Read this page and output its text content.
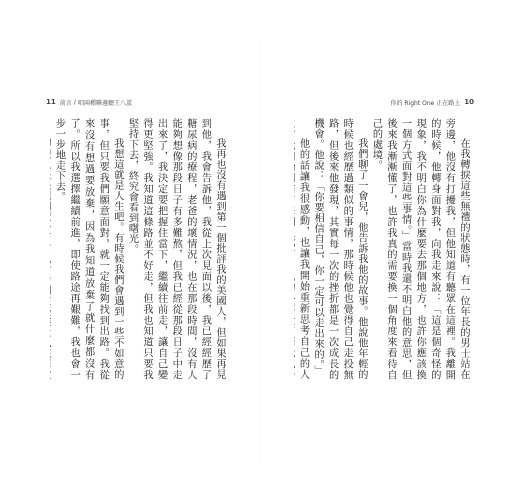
11 前言 / 唱兩種聯邊聽王八蛋

我再也沒有遇到第一個批評我的美國人，但如果再見到他，我會告訴他，我從上次見面以後，我已經經歷了糖尿病的療程，老爸的壞情況，也在那段時間，沒有人能夠想像那段日子有多難熬，但我已經從那段日子中走出來了，我決定要把握住當下，繼續往前走，讓自己變得更堅強。我知道這條路並不好走，但我也知道只要我堅持下去，終究會看到曙光。

我想這就是人生吧。有時候我們會遇到一些不如意的事，但只要我們願意面對，就一定能夠找到出路。我從來沒有想過要放棄，因為我知道放棄了就什麼都沒有了。所以我選擇繼續前進，即使路途再艱難，我也會一步一步地走下去。

你的 Right One 正在路上 10

在我轉捩這些無禮的狀態時，有一位年長的男士站在旁邊，他沒有打擾我，但他知道有聽眾在這裡。我離開的時候，他轉身面對我，向我走來說：「這是個奇怪的現象，我不明白你為什麼要去那個地方，也許你應該換一個方式面對這些事情。」當時我還不明白他的意思，但後來我漸漸懂了，也許我真的需要換一個角度來看待自己的處境。

我們聊了一會兒，他告訴我他的故事。他說他年輕的時候也經歷過類似的事情，那時候他也覺得自己走投無路，但後來他發現，其實每一次的挫折都是一次成長的機會。他說：「你要相信自己，你一定可以走出來的。」

他的話讓我很感動，也讓我開始重新思考自己的人
